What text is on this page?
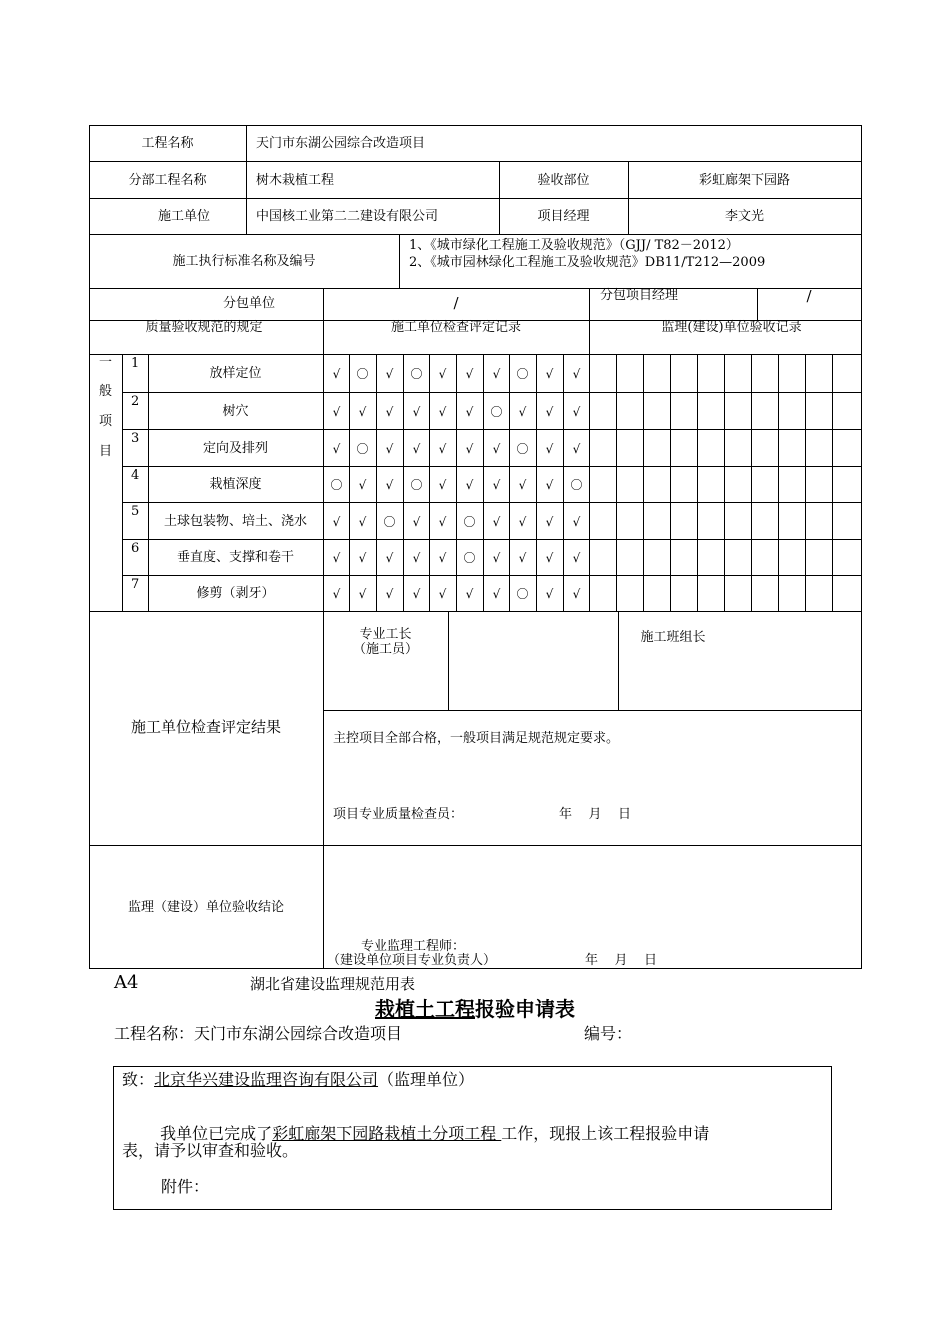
工程名称	天门市东湖公园综合改造项目
分部工程名称	树木栽植工程	验收部位	彩虹廊架下园路
施工单位	中国核工业第二二建设有限公司	项目经理	李文光
施工执行标准名称及编号
1、《城市绿化工程施工及验收规范》（GJJ/ T82－2012）
2、《城市园林绿化工程施工及验收规范》DB11/T212—2009
分包单位	/	分包项目经理	/
质量验收规范的规定	施工单位检查评定记录	监理(建设)单位验收记录
一
般
项
目
1
放样定位	√	〇	√	〇	√	√	√	〇	√	√
2
树穴	√	√	√	√	√	√	〇	√	√	√
3
定向及排列	√	〇	√	√	√	√	√	〇	√	√
4
栽植深度	〇	√	√	〇	√	√	√	√	√	〇
5
土球包装物、培土、浇水	√	√	〇	√	√	〇	√	√	√	√
6
垂直度、支撑和卷干	√	√	√	√	√	〇	√	√	√	√
7
修剪（剥牙）	√	√	√	√	√	√	√	〇	√	√
施工单位检查评定结果
专业工长
（施工员）
施工班组长
主控项目全部合格，一般项目满足规范规定要求。
项目专业质量检查员：	年    月    日
监理（建设）单位验收结论
专业监理工程师：
（建设单位项目专业负责人）	年    月    日
A4	湖北省建设监理规范用表
栽植土工程报验申请表
工程名称：天门市东湖公园综合改造项目	编号：
致：北京华兴建设监理咨询有限公司（监理单位）

我单位已完成了彩虹廊架下园路栽植土分项工程 工作，现报上该工程报验申请

表，请予以审查和验收。
附件：
